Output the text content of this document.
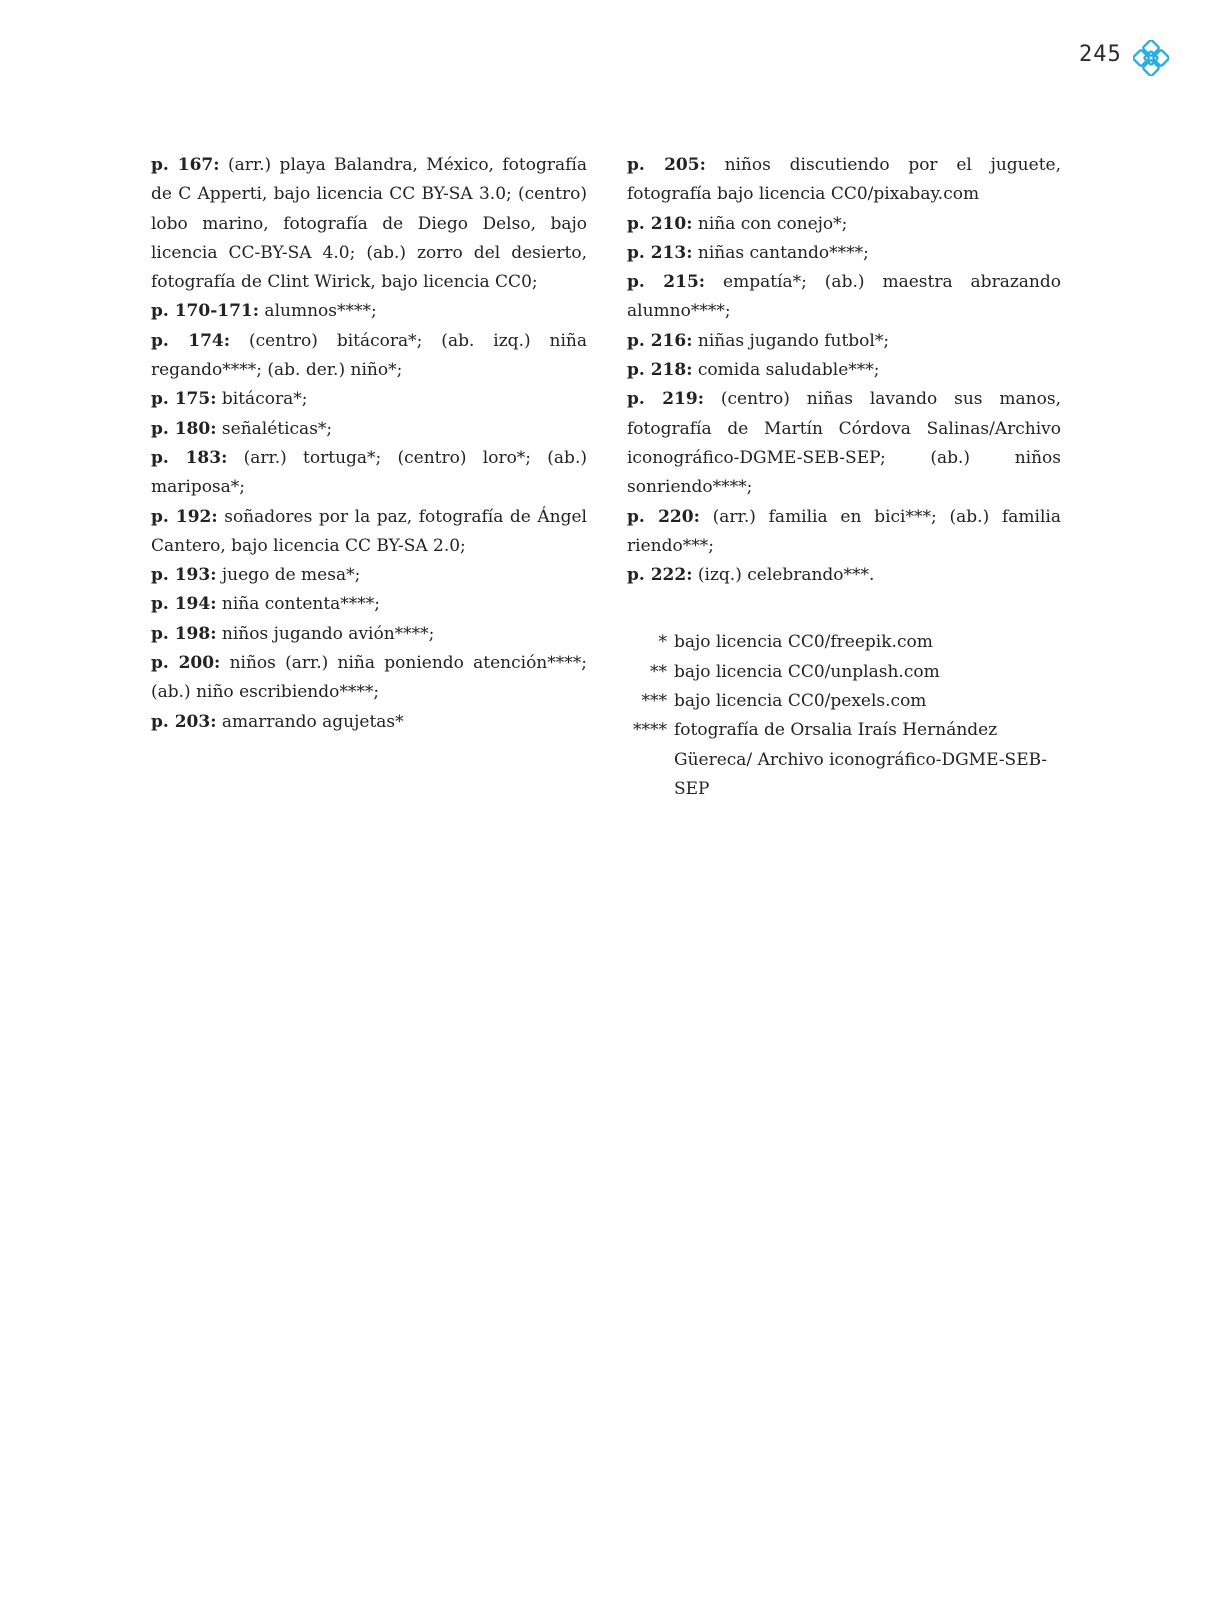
245

p. 167: (arr.) playa Balandra, México, fotografía de C Apperti, bajo licencia CC BY-SA 3.0; (centro) lobo marino, fotografía de Diego Delso, bajo licencia CC-BY-SA 4.0; (ab.) zorro del desierto, fotografía de Clint Wirick, bajo licencia CC0;

p. 170-171: alumnos****;

p. 174: (centro) bitácora*; (ab. izq.) niña regando****; (ab. der.) niño*;

p. 175: bitácora*;

p. 180: señaléticas*;

p. 183: (arr.) tortuga*; (centro) loro*; (ab.) mariposa*;

p. 192: soñadores por la paz, fotografía de Ángel Cantero, bajo licencia CC BY-SA 2.0;

p. 193: juego de mesa*;

p. 194: niña contenta****;

p. 198: niños jugando avión****;

p. 200: niños (arr.) niña poniendo atención****; (ab.) niño escribiendo****;

p. 203: amarrando agujetas*

p. 205: niños discutiendo por el juguete, fotografía bajo licencia CC0/pixabay.com

p. 210: niña con conejo*;

p. 213: niñas cantando****;

p. 215: empatía*; (ab.) maestra abrazando alumno****;

p. 216: niñas jugando futbol*;

p. 218: comida saludable***;

p. 219: (centro) niñas lavando sus manos, fotografía de Martín Córdova Salinas/Archivo iconográfico-DGME-SEB-SEP; (ab.) niños sonriendo****;

p. 220: (arr.) familia en bici***; (ab.) familia riendo***;

p. 222: (izq.) celebrando***.

* bajo licencia CC0/freepik.com
** bajo licencia CC0/unplash.com
*** bajo licencia CC0/pexels.com
**** fotografía de Orsalia Iraís Hernández Güereca/ Archivo iconográfico-DGME-SEB-SEP
